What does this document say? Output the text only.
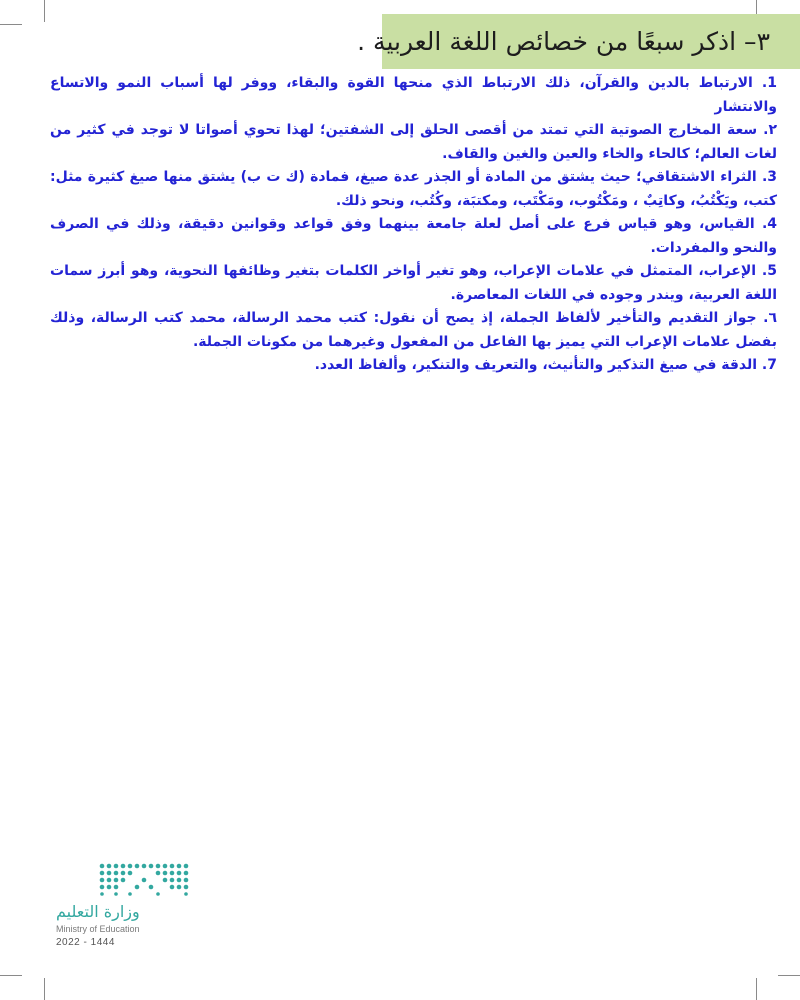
٣– اذكر سبعًا من خصائص اللغة العربية .

1. الارتباط بالدين والقرآن، ذلك الارتباط الذي منحها القوة والبقاء، ووفر لها أسباب النمو والاتساع والانتشار

٢. سعة المخارج الصوتية التي تمتد من أقصى الحلق إلى الشفتين؛ لهذا تحوي أصواتا لا توجد في كثير من لغات العالم؛ كالحاء والخاء والعين والغين والقاف.

3. الثراء الاشتقاقي؛ حيث يشتق من المادة أو الجذر عدة صيغ، فمادة (ك ت ب) يشتق منها صيغ كثيرة مثل: كتب، ويَكْتُبُ، وكاتِبٌ ، ومَكْتُوب، ومَكْتَب، ومكتبَة، وكُتُب، ونحو ذلك.

4. القياس، وهو قياس فرع على أصل لعلة جامعة بينهما وفق قواعد وقوانين دقيقة، وذلك في الصرف والنحو والمفردات.

5. الإعراب، المتمثل في علامات الإعراب، وهو تغير أواخر الكلمات بتغير وظائفها النحوية، وهو أبرز سمات اللغة العربية، ويندر وجوده في اللغات المعاصرة.

٦. جواز التقديم والتأخير لألفاظ الجملة، إذ يصح أن نقول: كتب محمد الرسالة، محمد كتب الرسالة، وذلك بفضل علامات الإعراب التي يميز بها الفاعل من المفعول وغيرهما من مكونات الجملة.

7. الدقة في صيغ التذكير والتأنيث، والتعريف والتنكير، وألفاظ العدد.

وزارة التعليم
Ministry of Education
2022 - 1444
